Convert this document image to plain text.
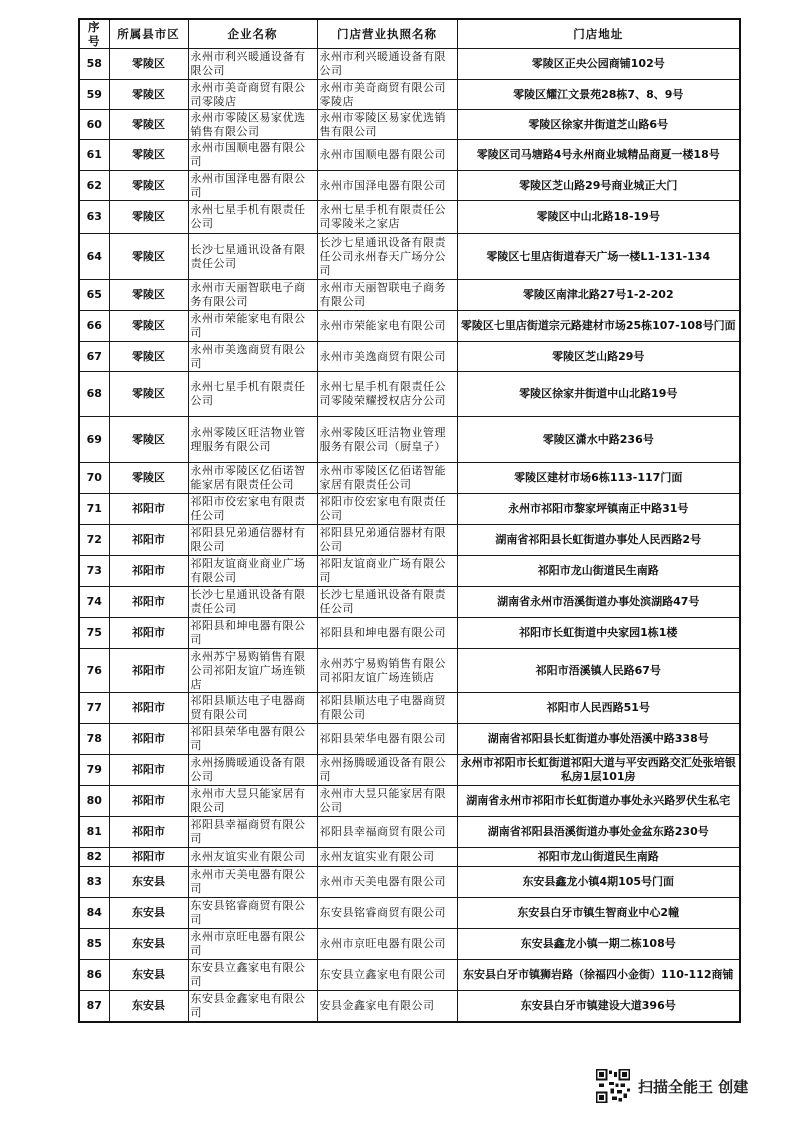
序号	所属县市区	企业名称	门店营业执照名称	门店地址
58	零陵区	永州市利兴暖通设备有限公司	永州市利兴暖通设备有限公司	零陵区正央公园商铺102号
59	零陵区	永州市美奇商贸有限公司零陵店	永州市美奇商贸有限公司零陵店	零陵区耀江文景苑28栋7、8、9号
60	零陵区	永州市零陵区易家优选销售有限公司	永州市零陵区易家优选销售有限公司	零陵区徐家井街道芝山路6号
61	零陵区	永州市国顺电器有限公司	永州市国顺电器有限公司	零陵区司马塘路4号永州商业城精品商夏一楼18号
62	零陵区	永州市国泽电器有限公司	永州市国泽电器有限公司	零陵区芝山路29号商业城正大门
63	零陵区	永州七星手机有限责任公司	永州七星手机有限责任公司零陵米之家店	零陵区中山北路18-19号
64	零陵区	长沙七星通讯设备有限责任公司	长沙七星通讯设备有限责任公司永州春天广场分公司	零陵区七里店街道春天广场一楼L1-131-134
65	零陵区	永州市天丽智联电子商务有限公司	永州市天丽智联电子商务有限公司	零陵区南津北路27号1-2-202
66	零陵区	永州市荣能家电有限公司	永州市荣能家电有限公司	零陵区七里店街道宗元路建材市场25栋107-108号门面
67	零陵区	永州市美逸商贸有限公司	永州市美逸商贸有限公司	零陵区芝山路29号
68	零陵区	永州七星手机有限责任公司	永州七星手机有限责任公司零陵荣耀授权店分公司	零陵区徐家井街道中山北路19号
69	零陵区	永州零陵区旺洁物业管理服务有限公司	永州零陵区旺洁物业管理服务有限公司（厨皇子）	零陵区潇水中路236号
70	零陵区	永州市零陵区亿佰诺智能家居有限责任公司	永州市零陵区亿佰诺智能家居有限责任公司	零陵区建材市场6栋113-117门面
71	祁阳市	祁阳市佼宏家电有限责任公司	祁阳市佼宏家电有限责任公司	永州市祁阳市黎家坪镇南正中路31号
72	祁阳市	祁阳县兄弟通信器材有限公司	祁阳县兄弟通信器材有限公司	湖南省祁阳县长虹街道办事处人民西路2号
73	祁阳市	祁阳友谊商业商业广场有限公司	祁阳友谊商业广场有限公司	祁阳市龙山街道民生南路
74	祁阳市	长沙七星通讯设备有限责任公司	长沙七星通讯设备有限责任公司	湖南省永州市浯溪街道办事处滨湖路47号
75	祁阳市	祁阳县和坤电器有限公司	祁阳县和坤电器有限公司	祁阳市长虹街道中央家园1栋1楼
76	祁阳市	永州苏宁易购销售有限公司祁阳友谊广场连锁店	永州苏宁易购销售有限公司祁阳友谊广场连锁店	祁阳市浯溪镇人民路67号
77	祁阳市	祁阳县顺达电子电器商贸有限公司	祁阳县顺达电子电器商贸有限公司	祁阳市人民西路51号
78	祁阳市	祁阳县荣华电器有限公司	祁阳县荣华电器有限公司	湖南省祁阳县长虹街道办事处浯溪中路338号
79	祁阳市	永州扬腾暖通设备有限公司	永州扬腾暖通设备有限公司	永州市祁阳市长虹街道祁阳大道与平安西路交汇处张培银私房1层101房
80	祁阳市	永州市大昱只能家居有限公司	永州市大昱只能家居有限公司	湖南省永州市祁阳市长虹街道办事处永兴路罗伏生私宅
81	祁阳市	祁阳县幸福商贸有限公司	祁阳县幸福商贸有限公司	湖南省祁阳县浯溪街道办事处金盆东路230号
82	祁阳市	永州友谊实业有限公司	永州友谊实业有限公司	祁阳市龙山街道民生南路
83	东安县	永州市天美电器有限公司	永州市天美电器有限公司	东安县鑫龙小镇4期105号门面
84	东安县	东安县铭睿商贸有限公司	东安县铭睿商贸有限公司	东安县白牙市镇生智商业中心2幢
85	东安县	永州市京旺电器有限公司	永州市京旺电器有限公司	东安县鑫龙小镇一期二栋108号
86	东安县	东安县立鑫家电有限公司	东安县立鑫家电有限公司	东安县白牙市镇狮岩路（徐福四小金街）110-112商铺
87	东安县	东安县金鑫家电有限公司	安县金鑫家电有限公司	东安县白牙市镇建设大道396号
扫描全能王 创建
